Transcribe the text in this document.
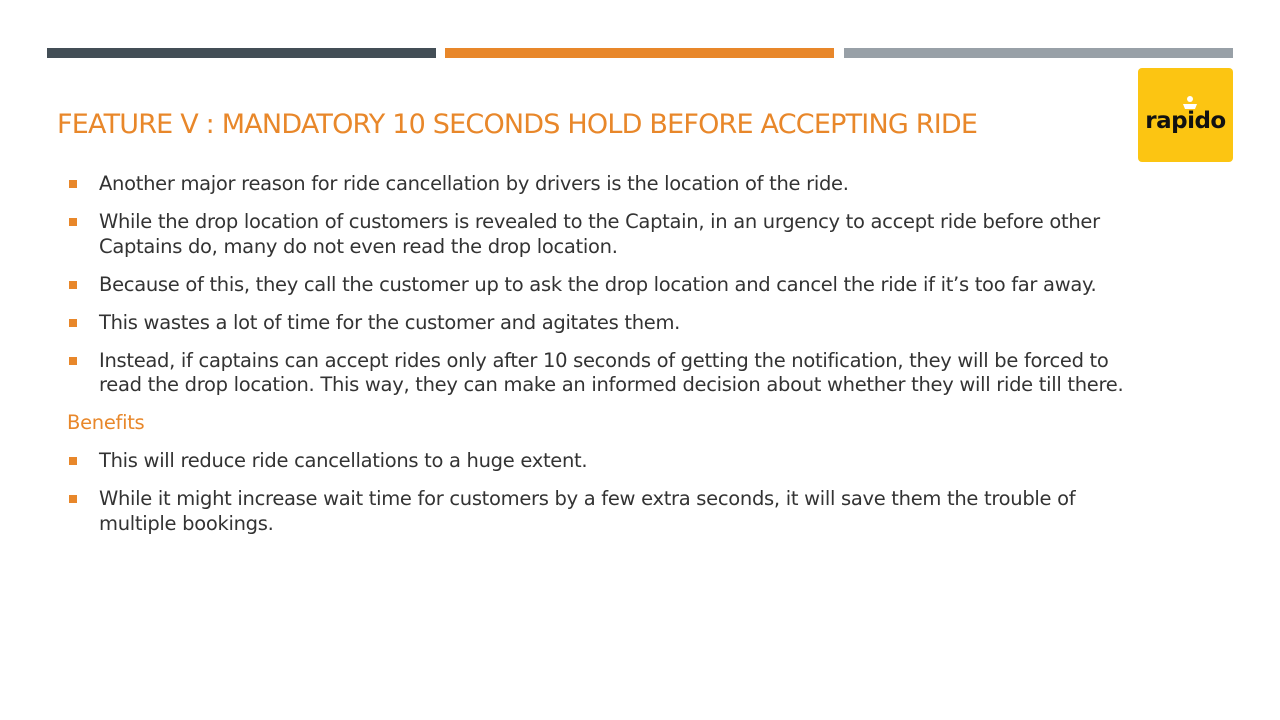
FEATURE V : MANDATORY 10 SECONDS HOLD BEFORE ACCEPTING RIDE	rapido
Another major reason for ride cancellation by drivers is the location of the ride.
While the drop location of customers is revealed to the Captain, in an urgency to accept ride before other Captains do, many do not even read the drop location.
Because of this, they call the customer up to ask the drop location and cancel the ride if it’s too far away.
This wastes a lot of time for the customer and agitates them.
Instead, if captains can accept rides only after 10 seconds of getting the notification, they will be forced to read the drop location. This way, they can make an informed decision about whether they will ride till there.
Benefits
This will reduce ride cancellations to a huge extent.
While it might increase wait time for customers by a few extra seconds, it will save them the trouble of multiple bookings.
